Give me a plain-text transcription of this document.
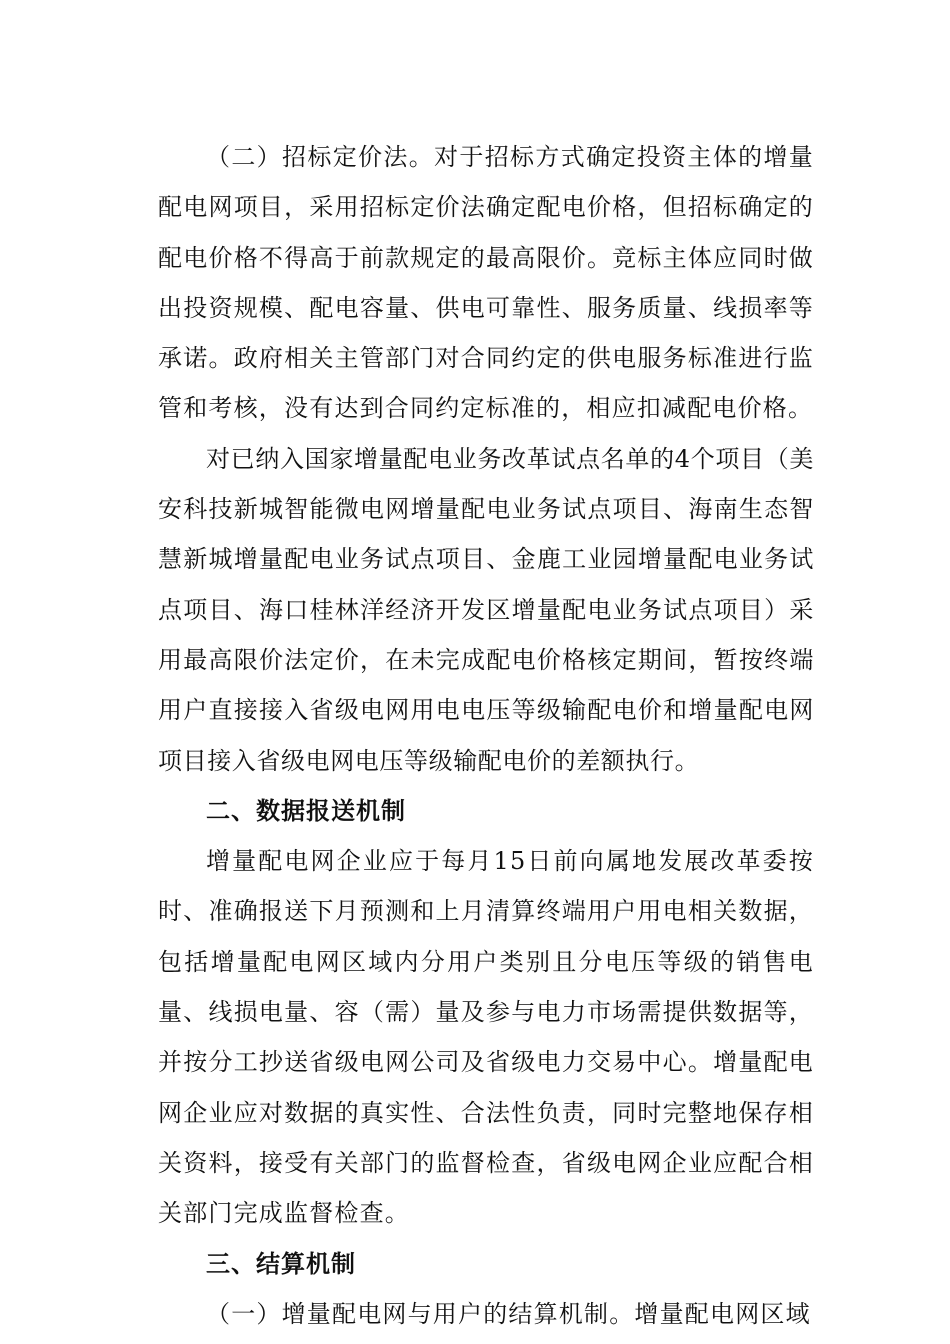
（二）招标定价法。对于招标方式确定投资主体的增量配电网项目，采用招标定价法确定配电价格，但招标确定的配电价格不得高于前款规定的最高限价。竞标主体应同时做出投资规模、配电容量、供电可靠性、服务质量、线损率等承诺。政府相关主管部门对合同约定的供电服务标准进行监管和考核，没有达到合同约定标准的，相应扣减配电价格。

对已纳入国家增量配电业务改革试点名单的4个项目（美安科技新城智能微电网增量配电业务试点项目、海南生态智慧新城增量配电业务试点项目、金鹿工业园增量配电业务试点项目、海口桂林洋经济开发区增量配电业务试点项目）采用最高限价法定价，在未完成配电价格核定期间，暂按终端用户直接接入省级电网用电电压等级输配电价和增量配电网项目接入省级电网电压等级输配电价的差额执行。

二、数据报送机制

增量配电网企业应于每月15日前向属地发展改革委按时、准确报送下月预测和上月清算终端用户用电相关数据，包括增量配电网区域内分用户类别且分电压等级的销售电量、线损电量、容（需）量及参与电力市场需提供数据等，并按分工抄送省级电网公司及省级电力交易中心。增量配电网企业应对数据的真实性、合法性负责，同时完整地保存相关资料，接受有关部门的监督检查，省级电网企业应配合相关部门完成监督检查。

三、结算机制

（一）增量配电网与用户的结算机制。增量配电网区域
